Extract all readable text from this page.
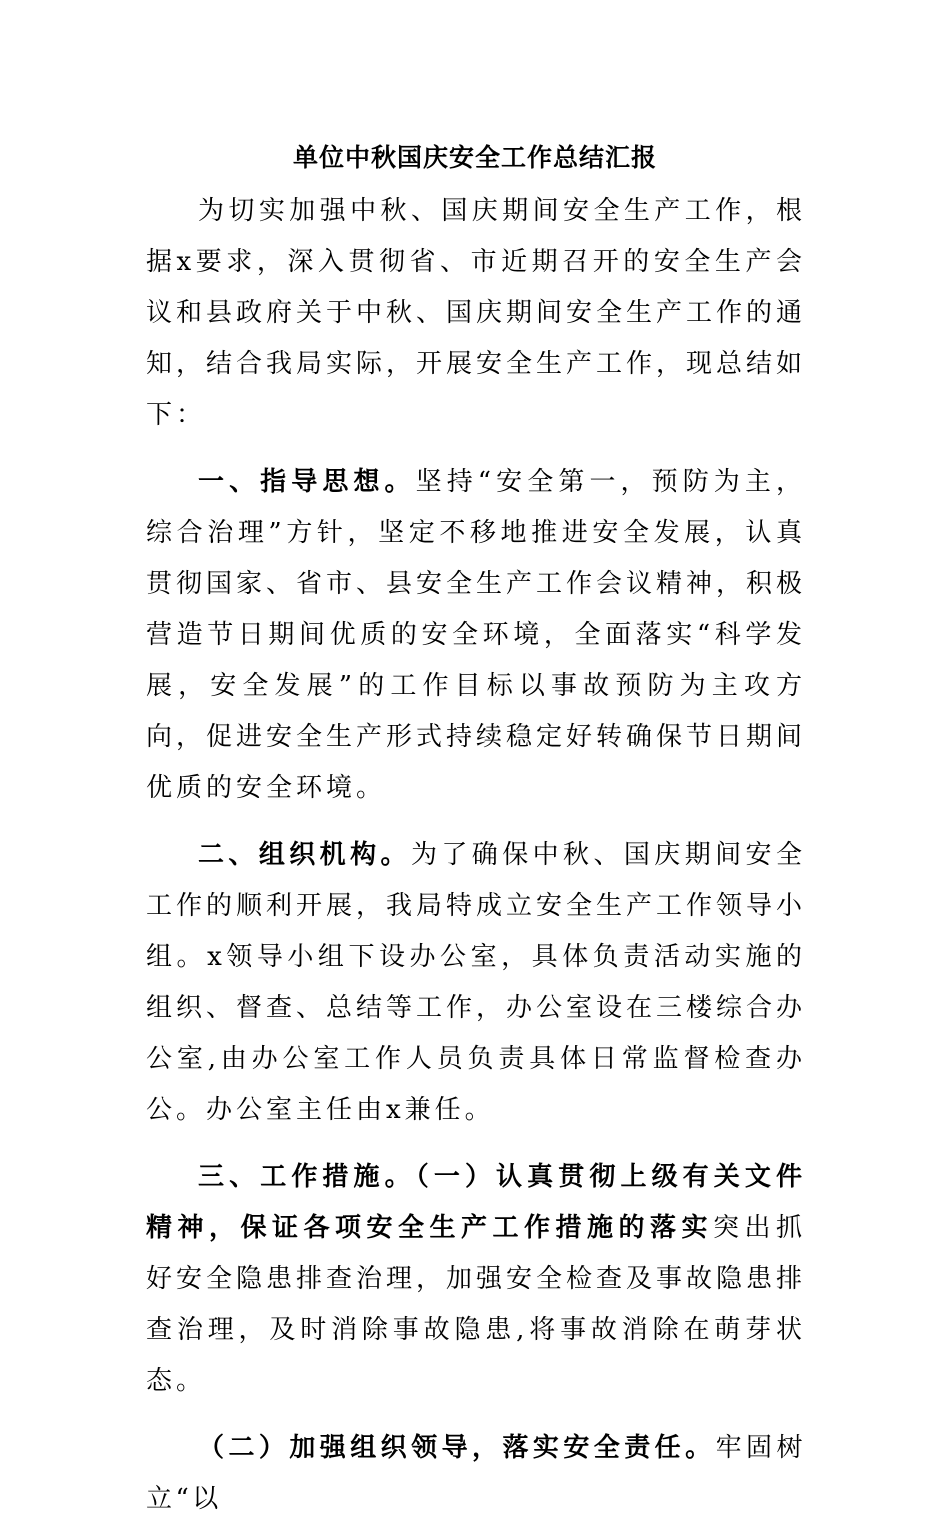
单位中秋国庆安全工作总结汇报

为切实加强中秋、国庆期间安全生产工作，根据x要求，深入贯彻省、市近期召开的安全生产会议和县政府关于中秋、国庆期间安全生产工作的通知，结合我局实际，开展安全生产工作，现总结如下：

一、指导思想。坚持“安全第一，预防为主，综合治理”方针，坚定不移地推进安全发展，认真贯彻国家、省市、县安全生产工作会议精神，积极营造节日期间优质的安全环境，全面落实“科学发展，安全发展”的工作目标以事故预防为主攻方向，促进安全生产形式持续稳定好转确保节日期间优质的安全环境。

二、组织机构。为了确保中秋、国庆期间安全工作的顺利开展，我局特成立安全生产工作领导小组。x领导小组下设办公室，具体负责活动实施的组织、督查、总结等工作，办公室设在三楼综合办公室,由办公室工作人员负责具体日常监督检查办公。办公室主任由x兼任。

三、工作措施。（一）认真贯彻上级有关文件精神，保证各项安全生产工作措施的落实突出抓好安全隐患排查治理，加强安全检查及事故隐患排查治理，及时消除事故隐患,将事故消除在萌芽状态。

（二）加强组织领导，落实安全责任。牢固树立“以
